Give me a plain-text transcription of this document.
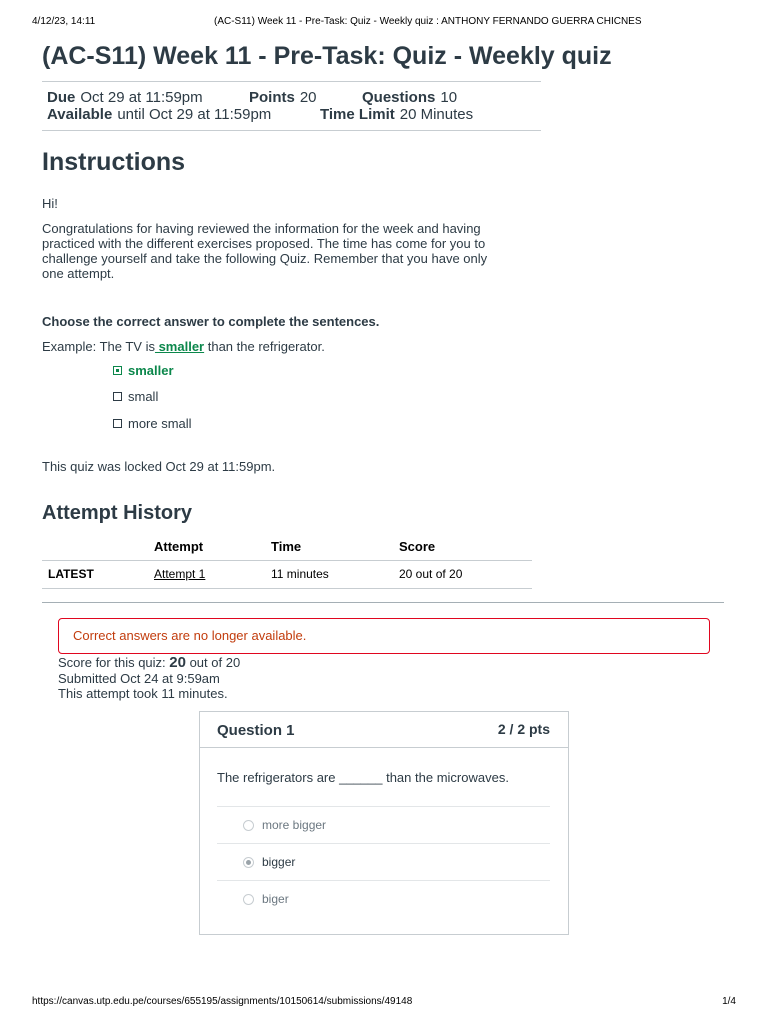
4/12/23, 14:11	(AC-S11) Week 11 - Pre-Task: Quiz - Weekly quiz : ANTHONY FERNANDO GUERRA CHICNES
(AC-S11) Week 11 - Pre-Task: Quiz - Weekly quiz
Due Oct 29 at 11:59pm	Points 20	Questions 10
Available until Oct 29 at 11:59pm	Time Limit 20 Minutes
Instructions
Hi!
Congratulations for having reviewed the information for the week and having
practiced with the different exercises proposed. The time has come for you to
challenge yourself and take the following Quiz. Remember that you have only
one attempt.
Choose the correct answer to complete the sentences.
Example: The TV is smaller than the refrigerator.
smaller
small
more small
This quiz was locked Oct 29 at 11:59pm.
Attempt History
	Attempt	Time	Score
LATEST	Attempt 1	11 minutes	20 out of 20
Correct answers are no longer available.
Score for this quiz: 20 out of 20
Submitted Oct 24 at 9:59am
This attempt took 11 minutes.
Question 1	2 / 2 pts
The refrigerators are ______ than the microwaves.
more bigger
bigger
biger
https://canvas.utp.edu.pe/courses/655195/assignments/10150614/submissions/49148	1/4
